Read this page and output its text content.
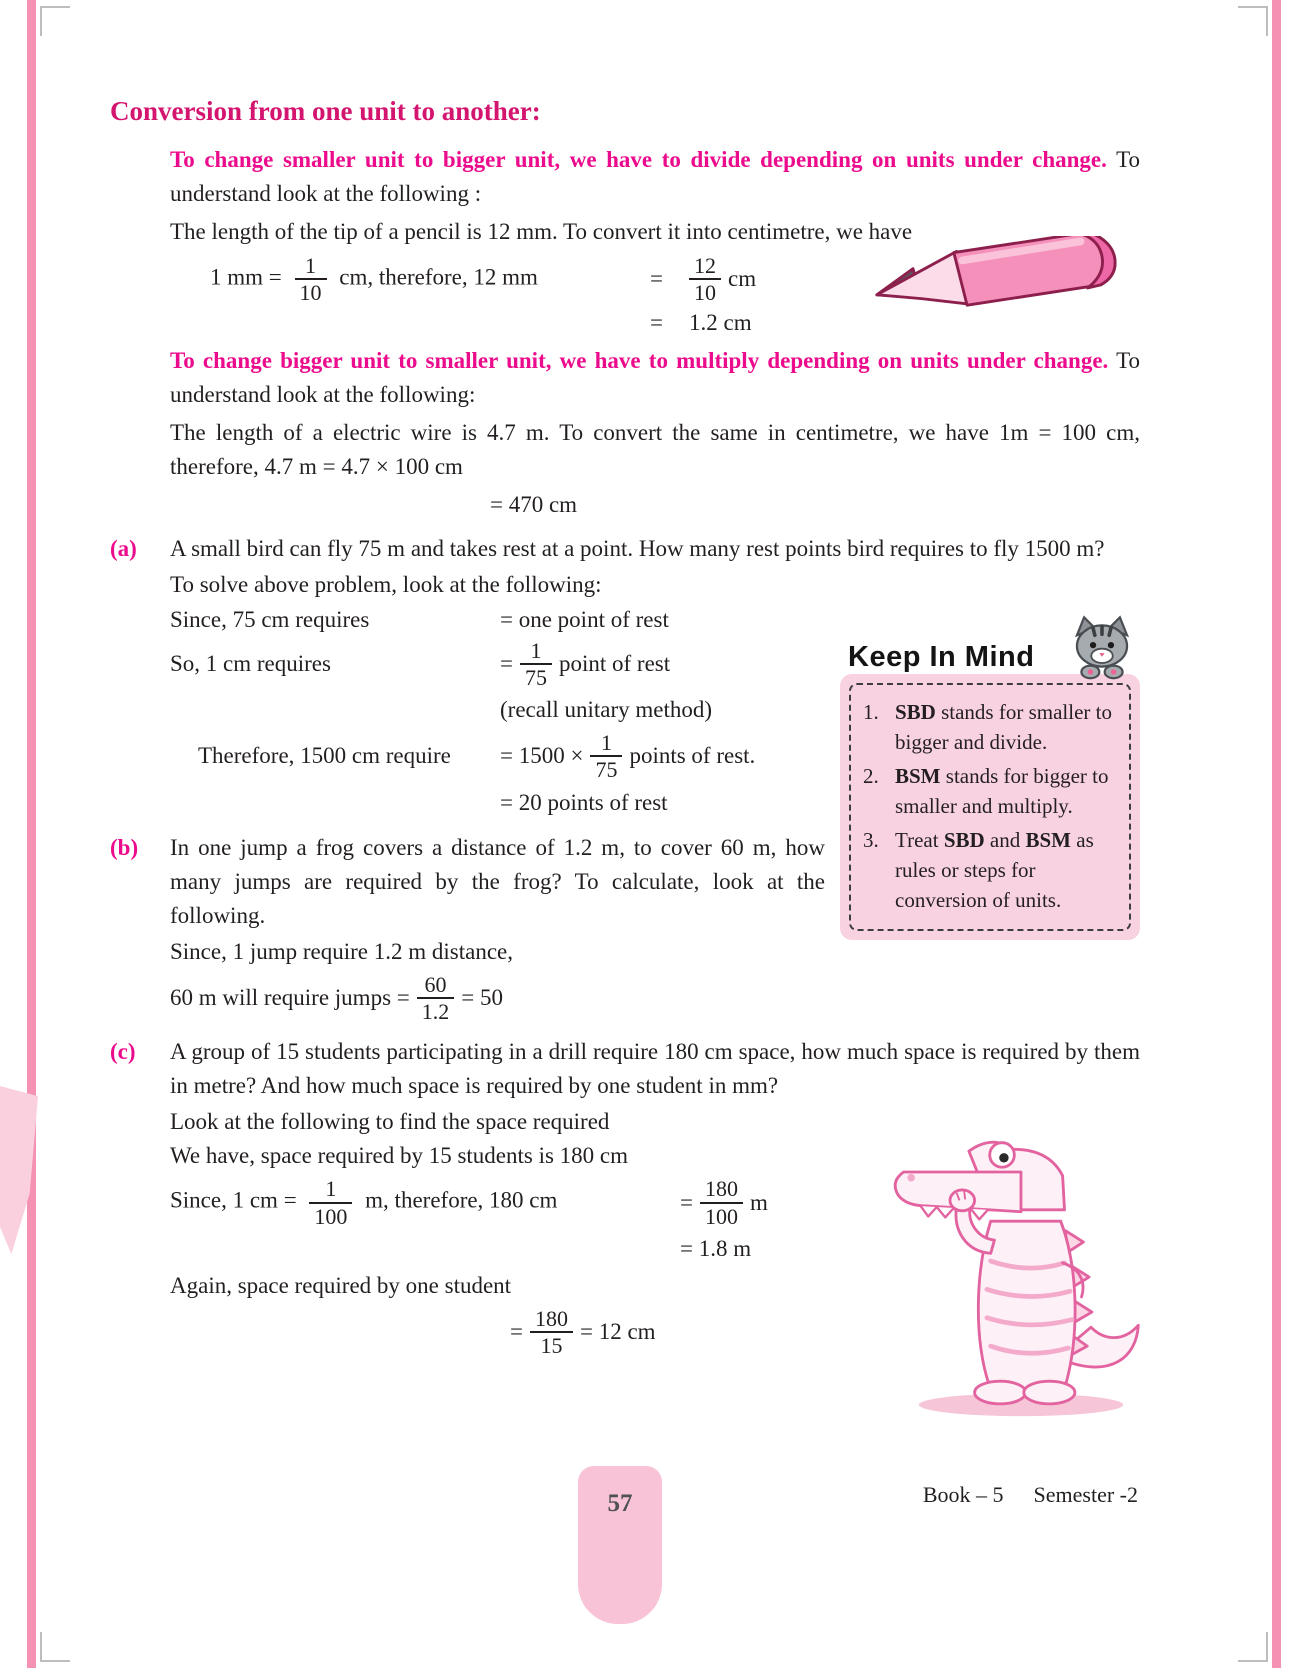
57	Book – 5 Semester -2
Conversion from one unit to another:

To change smaller unit to bigger unit, we have to divide depending on units under change. To understand look at the following :

The length of the tip of a pencil is 12 mm. To convert it into centimetre, we have

1 mm = $\frac{1}{10}$ cm, therefore, 12 mm	= $\frac{12}{10}$ cm
= 1.2 cm

To change bigger unit to smaller unit, we have to multiply depending on units under change. To understand look at the following:

The length of a electric wire is 4.7 m. To convert the same in centimetre, we have 1m = 100 cm, therefore, 4.7 m = 4.7 × 100 cm

= 470 cm
(a)	A small bird can fly 75 m and takes rest at a point. How many rest points bird requires to fly 1500 m?

To solve above problem, look at the following:

Keep In Mind
1. SBD stands for smaller to bigger and divide.
2. BSM stands for bigger to smaller and multiply.
3. Treat SBD and BSM as rules or steps for conversion of units.
Since, 75 cm requires	= one point of rest
So, 1 cm requires	= $\frac{1}{75}$ point of rest
(recall unitary method)
Therefore, 1500 cm require	= $1500 \times \frac{1}{75}$ points of rest.
= 20 points of rest
(b)	In one jump a frog covers a distance of 1.2 m, to cover 60 m, how many jumps are required by the frog? To calculate, look at the following.

Since, 1 jump require 1.2 m distance,

60 m will require jumps = $\frac{60}{1.2} = 50$
(c)	A group of 15 students participating in a drill require 180 cm space, how much space is required by them in metre? And how much space is required by one student in mm?

Look at the following to find the space required

We have, space required by 15 students is 180 cm

Since, 1 cm = $\frac{1}{100} m$, therefore, 180 cm	= $\frac{180}{100}$ m
= 1.8 m

Again, space required by one student

= $\frac{180}{15} = 12$ cm
